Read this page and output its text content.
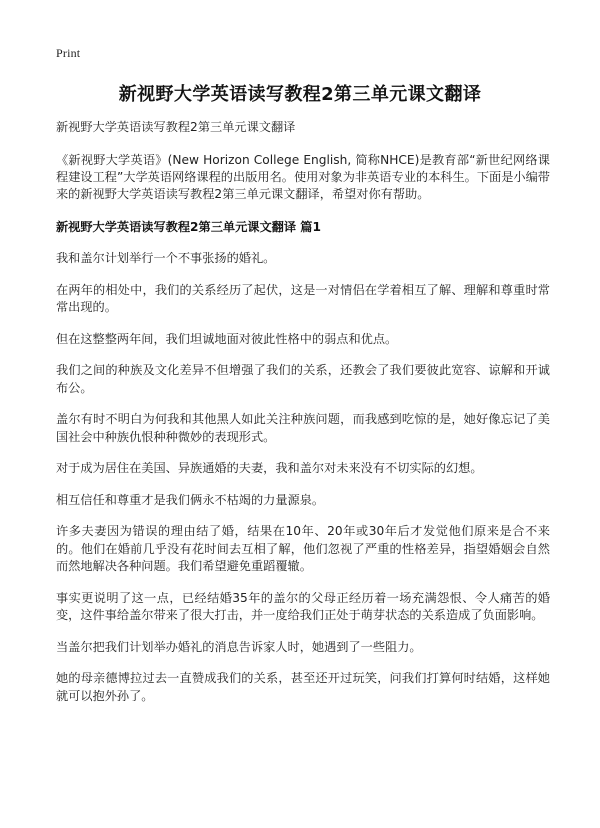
Print
新视野大学英语读写教程2第三单元课文翻译

新视野大学英语读写教程2第三单元课文翻译

《新视野大学英语》(New Horizon College English, 简称NHCE)是教育部“新世纪网络课程建设工程”大学英语网络课程的出版用名。使用对象为非英语专业的本科生。下面是小编带来的新视野大学英语读写教程2第三单元课文翻译，希望对你有帮助。

新视野大学英语读写教程2第三单元课文翻译 篇1

我和盖尔计划举行一个不事张扬的婚礼。

在两年的相处中，我们的关系经历了起伏，这是一对情侣在学着相互了解、理解和尊重时常常出现的。

但在这整整两年间，我们坦诚地面对彼此性格中的弱点和优点。

我们之间的种族及文化差异不但增强了我们的关系，还教会了我们要彼此宽容、谅解和开诚布公。

盖尔有时不明白为何我和其他黑人如此关注种族问题，而我感到吃惊的是，她好像忘记了美国社会中种族仇恨种种微妙的表现形式。

对于成为居住在美国、异族通婚的夫妻，我和盖尔对未来没有不切实际的幻想。

相互信任和尊重才是我们俩永不枯竭的力量源泉。

许多夫妻因为错误的理由结了婚，结果在10年、20年或30年后才发觉他们原来是合不来的。他们在婚前几乎没有花时间去互相了解，他们忽视了严重的性格差异，指望婚姻会自然而然地解决各种问题。我们希望避免重蹈覆辙。

事实更说明了这一点，已经结婚35年的盖尔的父母正经历着一场充满怨恨、令人痛苦的婚变，这件事给盖尔带来了很大打击，并一度给我们正处于萌芽状态的关系造成了负面影响。

当盖尔把我们计划举办婚礼的消息告诉家人时，她遇到了一些阻力。

她的母亲德博拉过去一直赞成我们的关系，甚至还开过玩笑，问我们打算何时结婚，这样她就可以抱外孙了。
